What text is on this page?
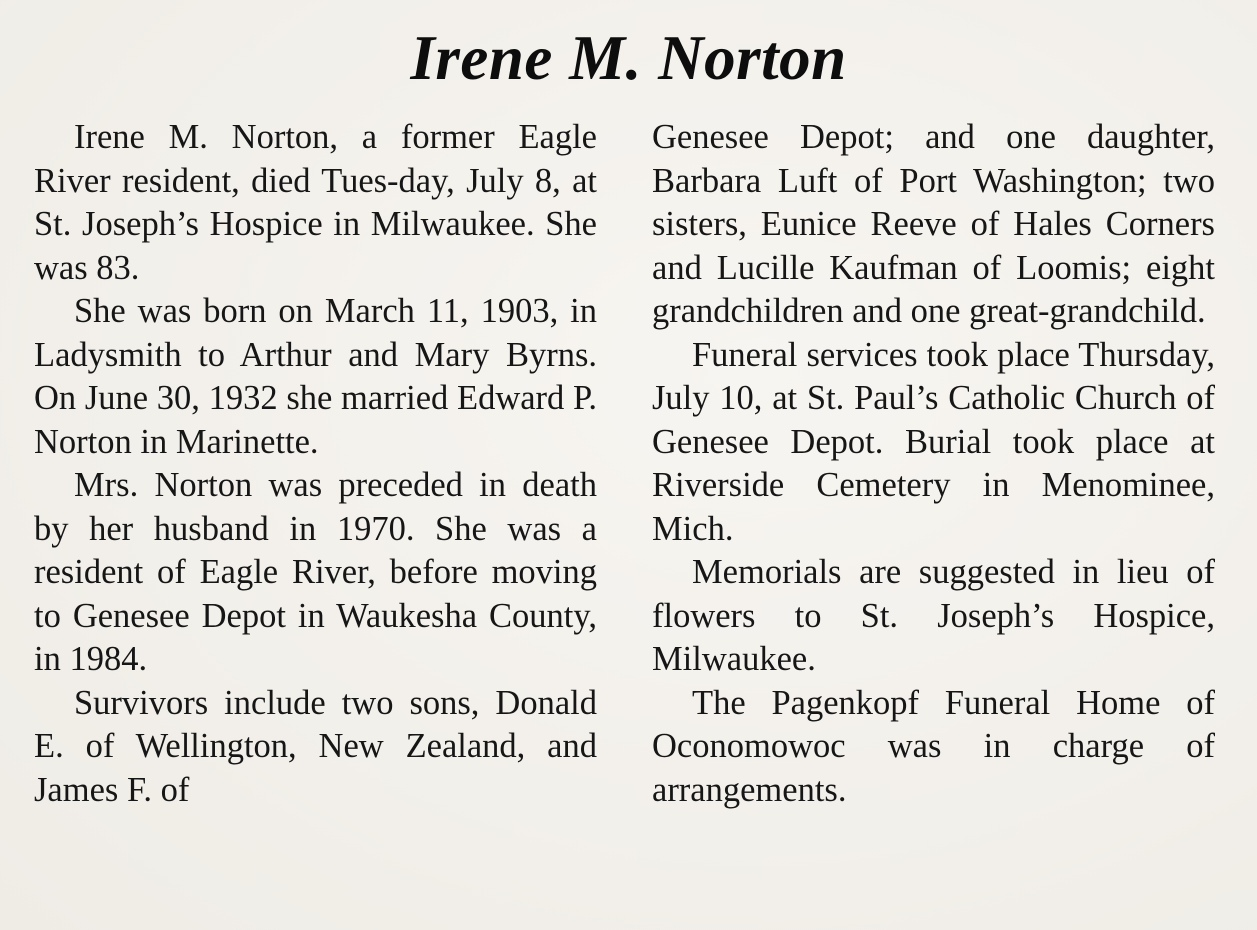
Irene M. Norton

Irene M. Norton, a former Eagle River resident, died Tues-day, July 8, at St. Joseph’s Hospice in Milwaukee. She was 83.

She was born on March 11, 1903, in Ladysmith to Arthur and Mary Byrns. On June 30, 1932 she married Edward P. Norton in Marinette.

Mrs. Norton was preceded in death by her husband in 1970. She was a resident of Eagle River, before moving to Genesee Depot in Waukesha County, in 1984.

Survivors include two sons, Donald E. of Wellington, New Zealand, and James F. of

Genesee Depot; and one daughter, Barbara Luft of Port Washington; two sisters, Eunice Reeve of Hales Corners and Lucille Kaufman of Loomis; eight grandchildren and one great-grandchild.

Funeral services took place Thursday, July 10, at St. Paul’s Catholic Church of Genesee Depot. Burial took place at Riverside Cemetery in Menominee, Mich.

Memorials are suggested in lieu of flowers to St. Joseph’s Hospice, Milwaukee.

The Pagenkopf Funeral Home of Oconomowoc was in charge of arrangements.
